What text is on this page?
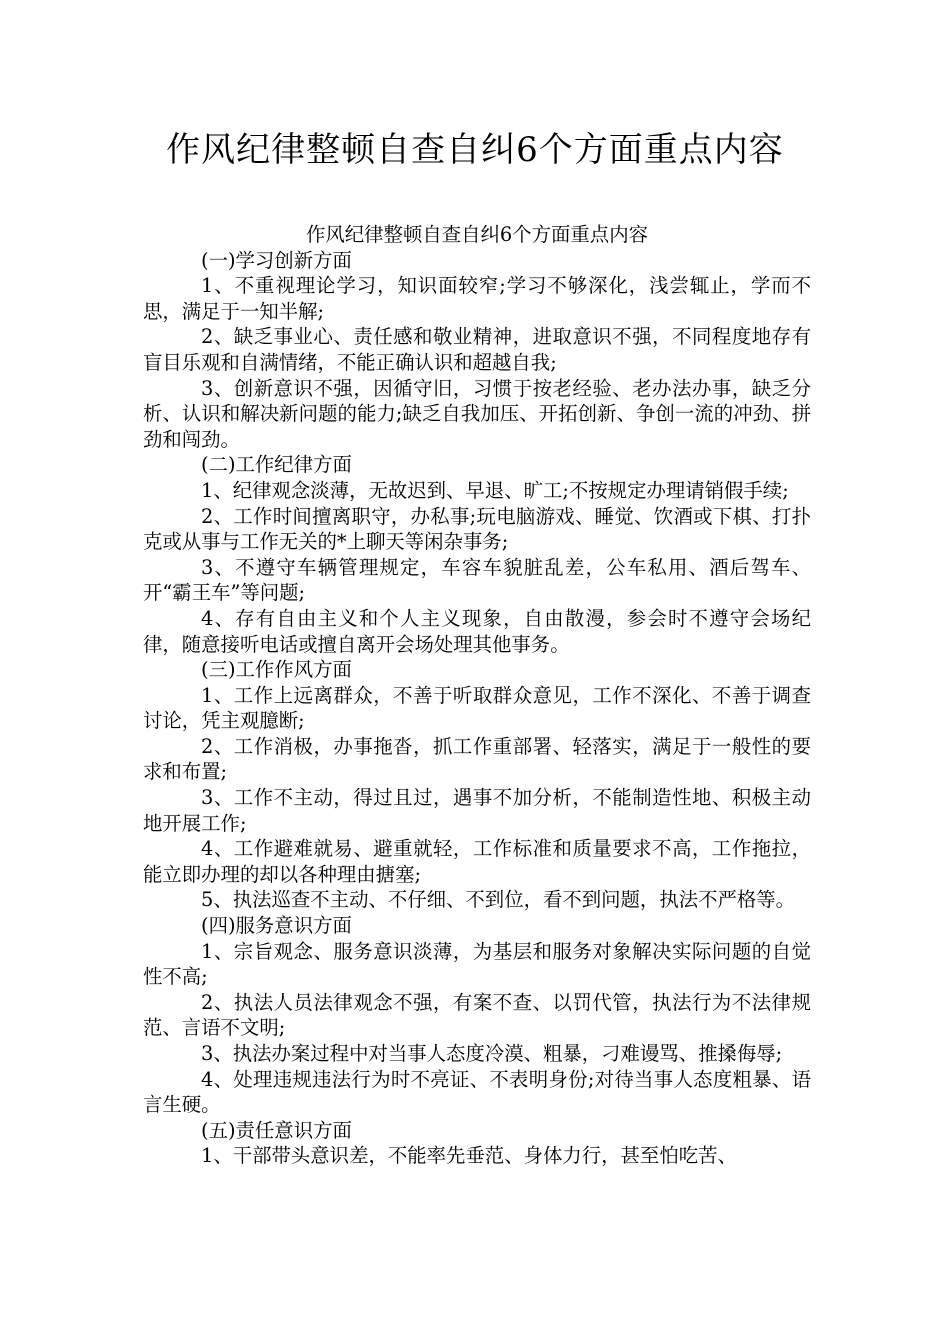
作风纪律整顿自查自纠6个方面重点内容

作风纪律整顿自查自纠6个方面重点内容

(一)学习创新方面

1、不重视理论学习，知识面较窄;学习不够深化，浅尝辄止，学而不思，满足于一知半解;

2、缺乏事业心、责任感和敬业精神，进取意识不强，不同程度地存有盲目乐观和自满情绪，不能正确认识和超越自我;

3、创新意识不强，因循守旧，习惯于按老经验、老办法办事，缺乏分析、认识和解决新问题的能力;缺乏自我加压、开拓创新、争创一流的冲劲、拼劲和闯劲。

(二)工作纪律方面

1、纪律观念淡薄，无故迟到、早退、旷工;不按规定办理请销假手续;

2、工作时间擅离职守，办私事;玩电脑游戏、睡觉、饮酒或下棋、打扑克或从事与工作无关的*上聊天等闲杂事务;

3、不遵守车辆管理规定，车容车貌脏乱差，公车私用、酒后驾车、开“霸王车”等问题;

4、存有自由主义和个人主义现象，自由散漫，参会时不遵守会场纪律，随意接听电话或擅自离开会场处理其他事务。

(三)工作作风方面

1、工作上远离群众，不善于听取群众意见，工作不深化、不善于调查讨论，凭主观臆断;

2、工作消极，办事拖沓，抓工作重部署、轻落实，满足于一般性的要求和布置;

3、工作不主动，得过且过，遇事不加分析，不能制造性地、积极主动地开展工作;

4、工作避难就易、避重就轻，工作标准和质量要求不高，工作拖拉，能立即办理的却以各种理由搪塞;

5、执法巡查不主动、不仔细、不到位，看不到问题，执法不严格等。

(四)服务意识方面

1、宗旨观念、服务意识淡薄，为基层和服务对象解决实际问题的自觉性不高;

2、执法人员法律观念不强，有案不查、以罚代管，执法行为不法律规范、言语不文明;

3、执法办案过程中对当事人态度冷漠、粗暴，刁难谩骂、推搡侮辱;

4、处理违规违法行为时不亮证、不表明身份;对待当事人态度粗暴、语言生硬。

(五)责任意识方面

1、干部带头意识差，不能率先垂范、身体力行，甚至怕吃苦、
